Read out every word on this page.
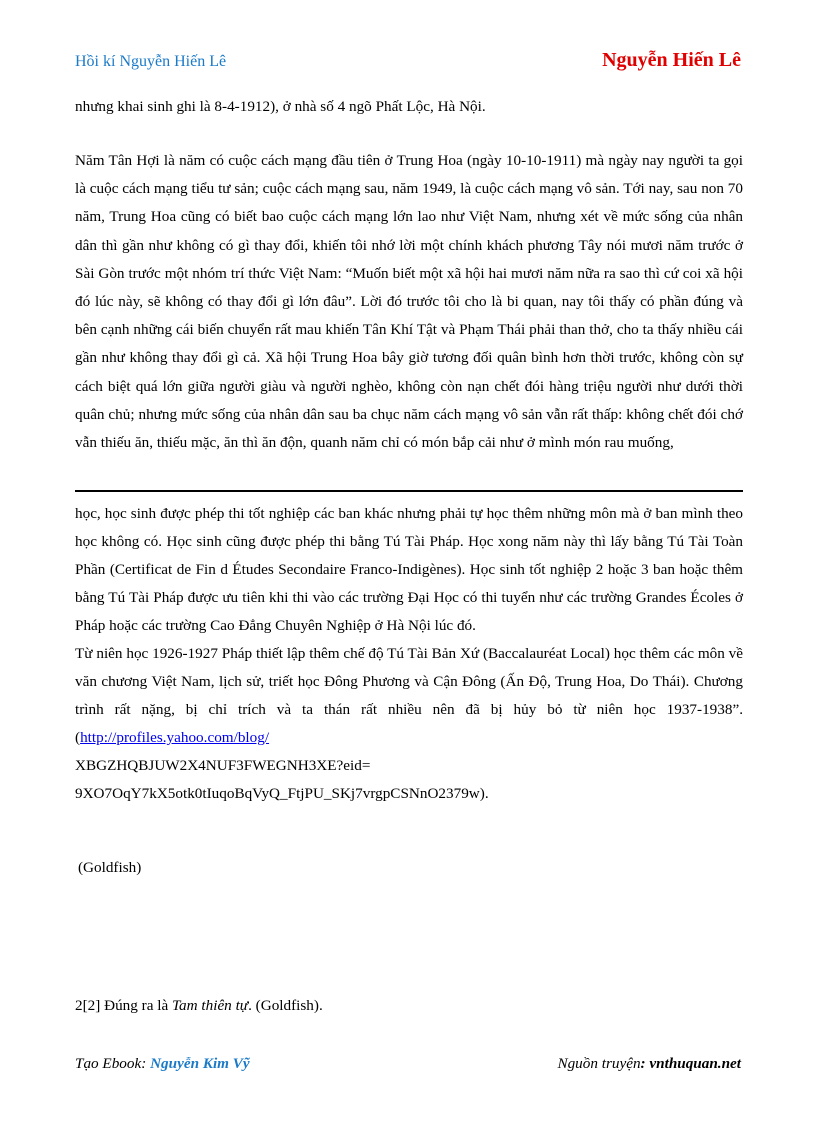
Hồi kí Nguyễn Hiến Lê	Nguyễn Hiến Lê
nhưng khai sinh ghi là 8-4-1912), ở nhà số 4 ngõ Phất Lộc, Hà Nội.
Năm Tân Hợi là năm có cuộc cách mạng đầu tiên ở Trung Hoa (ngày 10-10-1911) mà ngày nay người ta gọi là cuộc cách mạng tiểu tư sản; cuộc cách mạng sau, năm 1949, là cuộc cách mạng vô sản. Tới nay, sau non 70 năm, Trung Hoa cũng có biết bao cuộc cách mạng lớn lao như Việt Nam, nhưng xét về mức sống của nhân dân thì gần như không có gì thay đổi, khiến tôi nhớ lời một chính khách phương Tây nói mươi năm trước ở Sài Gòn trước một nhóm trí thức Việt Nam: “Muốn biết một xã hội hai mươi năm nữa ra sao thì cứ coi xã hội đó lúc này, sẽ không có thay đổi gì lớn đâu”. Lời đó trước tôi cho là bi quan, nay tôi thấy có phần đúng và bên cạnh những cái biến chuyển rất mau khiến Tân Khí Tật và Phạm Thái phải than thở, cho ta thấy nhiều cái gần như không thay đổi gì cả. Xã hội Trung Hoa bây giờ tương đối quân bình hơn thời trước, không còn sự cách biệt quá lớn giữa người giàu và người nghèo, không còn nạn chết đói hàng triệu người như dưới thời quân chủ; nhưng mức sống của nhân dân sau ba chục năm cách mạng vô sản vẫn rất thấp: không chết đói chớ vẫn thiếu ăn, thiếu mặc, ăn thì ăn độn, quanh năm chỉ có món bắp cải như ở mình món rau muống,

học, học sinh được phép thi tốt nghiệp các ban khác nhưng phải tự học thêm những môn mà ở ban mình theo học không có. Học sinh cũng được phép thi bằng Tú Tài Pháp. Học xong năm này thì lấy bằng Tú Tài Toàn Phần (Certificat de Fin d Études Secondaire Franco-Indigènes). Học sinh tốt nghiệp 2 hoặc 3 ban hoặc thêm bằng Tú Tài Pháp được ưu tiên khi thi vào các trường Đại Học có thi tuyển như các trường Grandes Écoles ở Pháp hoặc các trường Cao Đẳng Chuyên Nghiệp ở Hà Nội lúc đó.

Từ niên học 1926-1927 Pháp thiết lập thêm chế độ Tú Tài Bản Xứ (Baccalauréat Local) học thêm các môn về văn chương Việt Nam, lịch sử, triết học Đông Phương và Cận Đông (Ấn Độ, Trung Hoa, Do Thái). Chương trình rất nặng, bị chỉ trích và ta thán rất nhiều nên đã bị hủy bỏ từ niên học 1937-1938”. (http://profiles.yahoo.com/blog/

XBGZHQBJUW2X4NUF3FWEGNH3XE?eid=

9XO7OqY7kX5otk0tIuqoBqVyQ_FtjPU_SKj7vrgpCSNnO2379w).

(Goldfish)
2[2] Đúng ra là Tam thiên tự. (Goldfish).
Tạo Ebook: Nguyễn Kim Vỹ	Nguồn truyện: vnthuquan.net
